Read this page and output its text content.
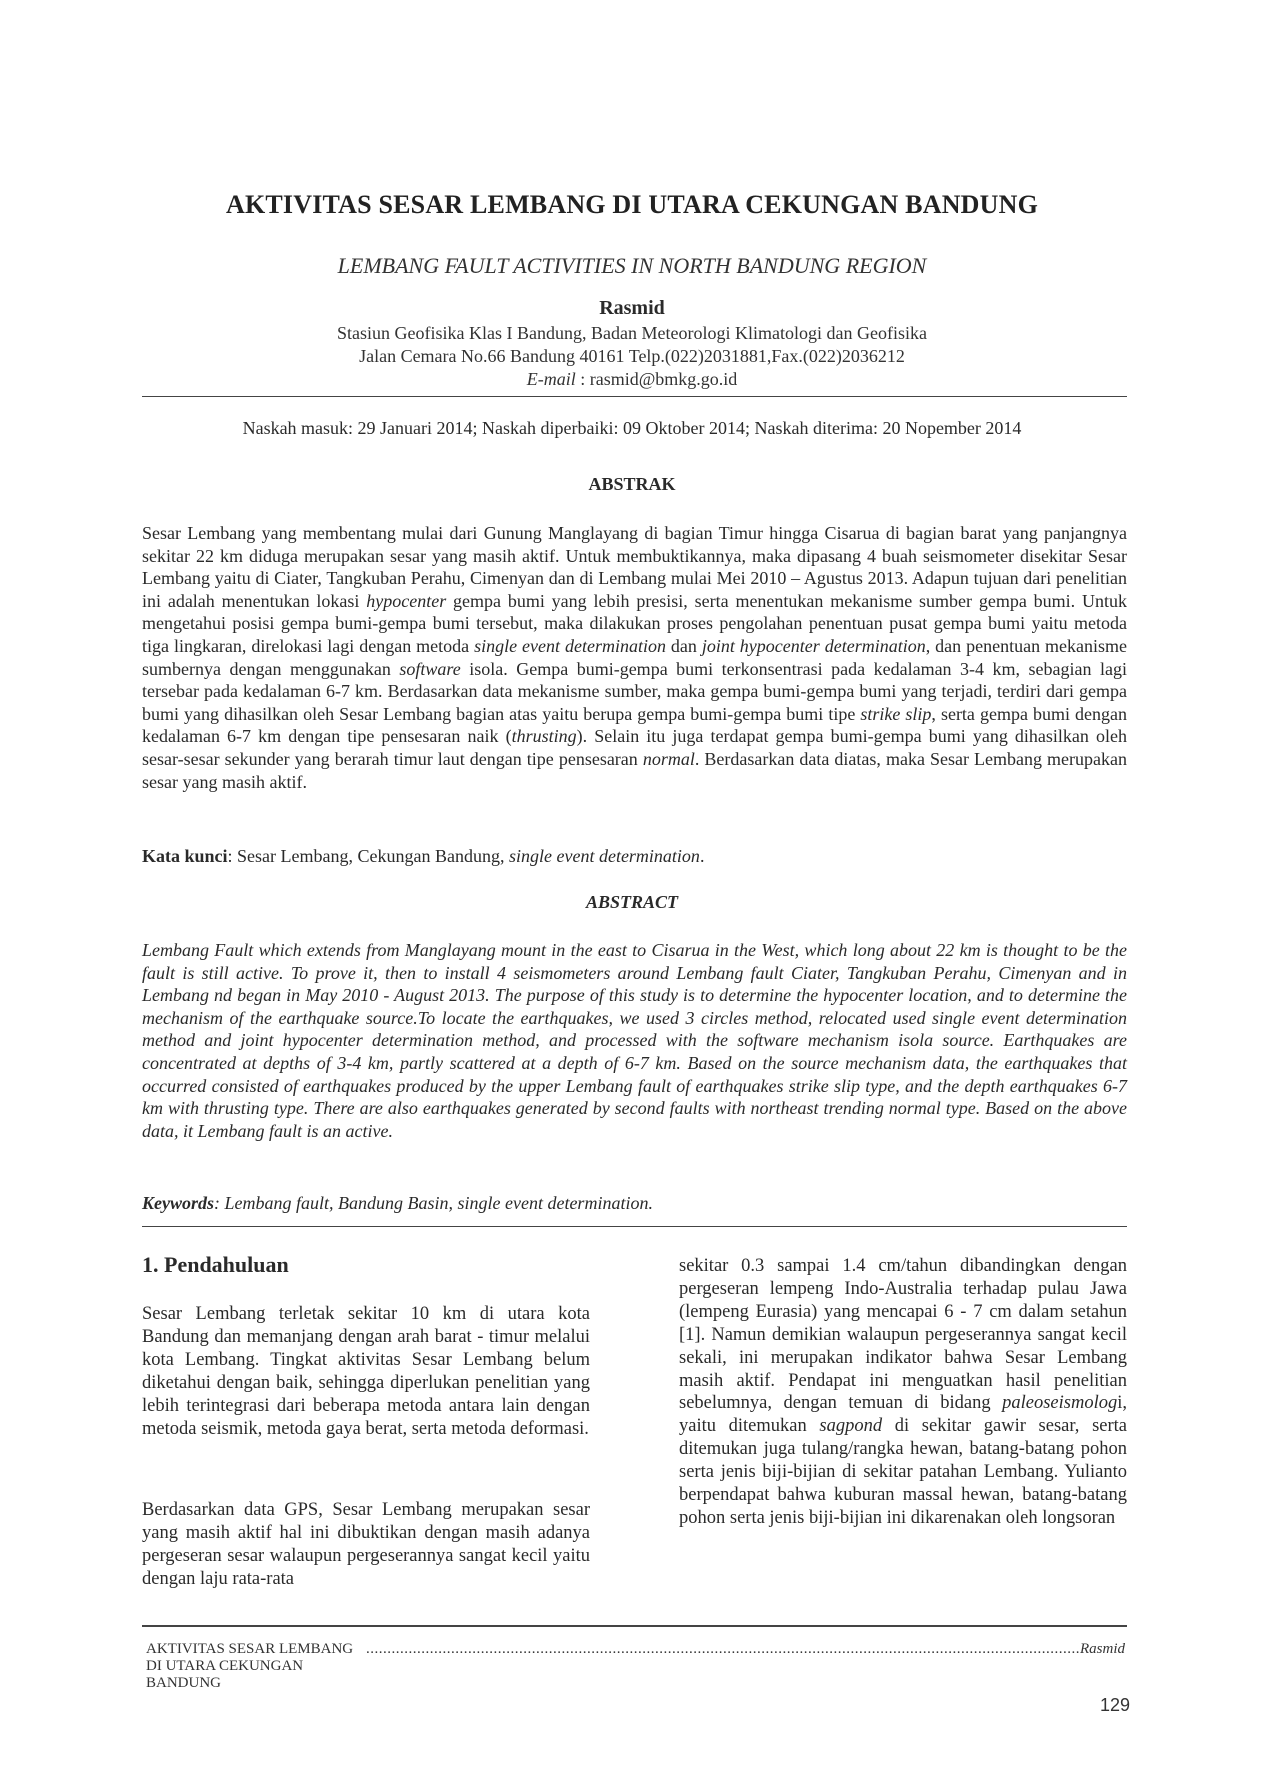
AKTIVITAS SESAR LEMBANG DI UTARA CEKUNGAN BANDUNG
LEMBANG FAULT ACTIVITIES IN NORTH BANDUNG REGION
Rasmid
Stasiun Geofisika Klas I Bandung, Badan Meteorologi Klimatologi dan Geofisika
Jalan Cemara No.66 Bandung 40161 Telp.(022)2031881,Fax.(022)2036212
E-mail : rasmid@bmkg.go.id
Naskah masuk: 29 Januari 2014; Naskah diperbaiki: 09 Oktober 2014; Naskah diterima: 20 Nopember 2014
ABSTRAK

Sesar Lembang yang membentang mulai dari Gunung Manglayang di bagian Timur hingga Cisarua di bagian barat yang panjangnya sekitar 22 km diduga merupakan sesar yang masih aktif. Untuk membuktikannya, maka dipasang 4 buah seismometer disekitar Sesar Lembang yaitu di Ciater, Tangkuban Perahu, Cimenyan dan di Lembang mulai Mei 2010 – Agustus 2013. Adapun tujuan dari penelitian ini adalah menentukan lokasi hypocenter gempa bumi yang lebih presisi, serta menentukan mekanisme sumber gempa bumi. Untuk mengetahui posisi gempa bumi-gempa bumi tersebut, maka dilakukan proses pengolahan penentuan pusat gempa bumi yaitu metoda tiga lingkaran, direlokasi lagi dengan metoda single event determination dan joint hypocenter determination, dan penentuan mekanisme sumbernya dengan menggunakan software isola. Gempa bumi-gempa bumi terkonsentrasi pada kedalaman 3-4 km, sebagian lagi tersebar pada kedalaman 6-7 km. Berdasarkan data mekanisme sumber, maka gempa bumi-gempa bumi yang terjadi, terdiri dari gempa bumi yang dihasilkan oleh Sesar Lembang bagian atas yaitu berupa gempa bumi-gempa bumi tipe strike slip, serta gempa bumi dengan kedalaman 6-7 km dengan tipe pensesaran naik (thrusting). Selain itu juga terdapat gempa bumi-gempa bumi yang dihasilkan oleh sesar-sesar sekunder yang berarah timur laut dengan tipe pensesaran normal. Berdasarkan data diatas, maka Sesar Lembang merupakan sesar yang masih aktif.

Kata kunci: Sesar Lembang, Cekungan Bandung, single event determination.

ABSTRACT

Lembang Fault which extends from Manglayang mount in the east to Cisarua in the West, which long about 22 km is thought to be the fault is still active. To prove it, then to install 4 seismometers around Lembang fault Ciater, Tangkuban Perahu, Cimenyan and in Lembang nd began in May 2010 - August 2013. The purpose of this study is to determine the hypocenter location, and to determine the mechanism of the earthquake source.To locate the earthquakes, we used 3 circles method, relocated used single event determination method and joint hypocenter determination method, and processed with the software mechanism isola source. Earthquakes are concentrated at depths of 3-4 km, partly scattered at a depth of 6-7 km. Based on the source mechanism data, the earthquakes that occurred consisted of earthquakes produced by the upper Lembang fault of earthquakes strike slip type, and the depth earthquakes 6-7 km with thrusting type. There are also earthquakes generated by second faults with northeast trending normal type. Based on the above data, it Lembang fault is an active.

Keywords: Lembang fault, Bandung Basin, single event determination.

1. Pendahuluan

Sesar Lembang terletak sekitar 10 km di utara kota Bandung dan memanjang dengan arah barat - timur melalui kota Lembang. Tingkat aktivitas Sesar Lembang belum diketahui dengan baik, sehingga diperlukan penelitian yang lebih terintegrasi dari beberapa metoda antara lain dengan metoda seismik, metoda gaya berat, serta metoda deformasi.

Berdasarkan data GPS, Sesar Lembang merupakan sesar yang masih aktif hal ini dibuktikan dengan masih adanya pergeseran sesar walaupun pergeserannya sangat kecil yaitu dengan laju rata-rata

sekitar 0.3 sampai 1.4 cm/tahun dibandingkan dengan pergeseran lempeng Indo-Australia terhadap pulau Jawa (lempeng Eurasia) yang mencapai 6 - 7 cm dalam setahun [1]. Namun demikian walaupun pergeserannya sangat kecil sekali, ini merupakan indikator bahwa Sesar Lembang masih aktif. Pendapat ini menguatkan hasil penelitian sebelumnya, dengan temuan di bidang paleoseismologi, yaitu ditemukan sagpond di sekitar gawir sesar, serta ditemukan juga tulang/rangka hewan, batang-batang pohon serta jenis biji-bijian di sekitar patahan Lembang. Yulianto berpendapat bahwa kuburan massal hewan, batang-batang pohon serta jenis biji-bijian ini dikarenakan oleh longsoran

AKTIVITAS SESAR LEMBANG DI UTARA CEKUNGAN BANDUNG
........................................................................................................................................................................ Rasmid
129
